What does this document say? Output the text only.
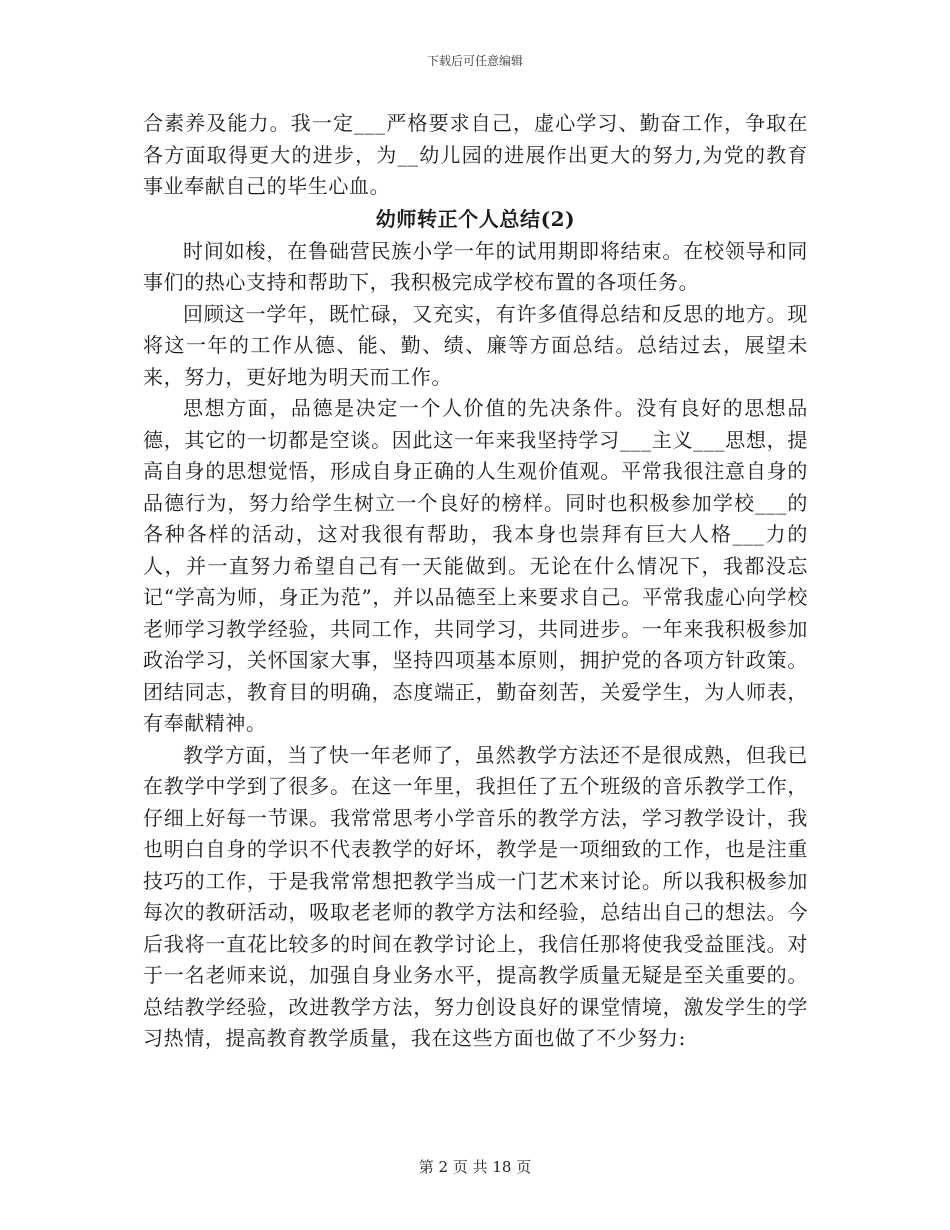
下载后可任意编辑

合素养及能力。我一定___严格要求自己，虚心学习、勤奋工作，争取在各方面取得更大的进步，为__幼儿园的进展作出更大的努力,为党的教育事业奉献自己的毕生心血。

幼师转正个人总结(2)

时间如梭，在鲁础营民族小学一年的试用期即将结束。在校领导和同事们的热心支持和帮助下，我积极完成学校布置的各项任务。

回顾这一学年，既忙碌，又充实，有许多值得总结和反思的地方。现将这一年的工作从德、能、勤、绩、廉等方面总结。总结过去，展望未来，努力，更好地为明天而工作。

思想方面，品德是决定一个人价值的先决条件。没有良好的思想品德，其它的一切都是空谈。因此这一年来我坚持学习___主义___思想，提高自身的思想觉悟，形成自身正确的人生观价值观。平常我很注意自身的品德行为，努力给学生树立一个良好的榜样。同时也积极参加学校___的各种各样的活动，这对我很有帮助，我本身也崇拜有巨大人格___力的人，并一直努力希望自己有一天能做到。无论在什么情况下，我都没忘记“学高为师，身正为范”，并以品德至上来要求自己。平常我虚心向学校老师学习教学经验，共同工作，共同学习，共同进步。一年来我积极参加政治学习，关怀国家大事，坚持四项基本原则，拥护党的各项方针政策。团结同志，教育目的明确，态度端正，勤奋刻苦，关爱学生，为人师表，有奉献精神。

教学方面，当了快一年老师了，虽然教学方法还不是很成熟，但我已在教学中学到了很多。在这一年里，我担任了五个班级的音乐教学工作，仔细上好每一节课。我常常思考小学音乐的教学方法，学习教学设计，我也明白自身的学识不代表教学的好坏，教学是一项细致的工作，也是注重技巧的工作，于是我常常想把教学当成一门艺术来讨论。所以我积极参加每次的教研活动，吸取老老师的教学方法和经验，总结出自己的想法。今后我将一直花比较多的时间在教学讨论上，我信任那将使我受益匪浅。对于一名老师来说，加强自身业务水平，提高教学质量无疑是至关重要的。总结教学经验，改进教学方法，努力创设良好的课堂情境，激发学生的学习热情，提高教育教学质量，我在这些方面也做了不少努力:

第 2 页 共 18 页
